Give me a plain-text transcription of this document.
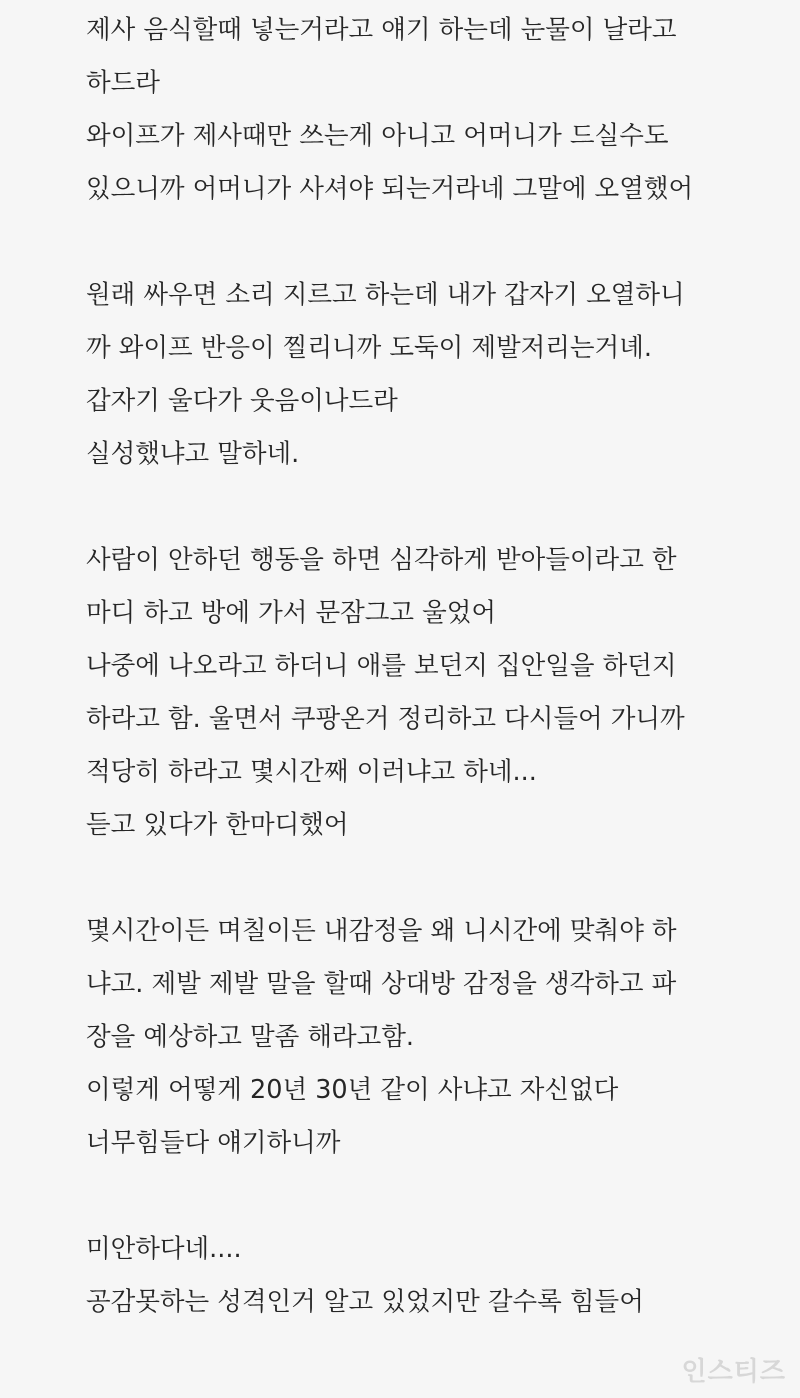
제사 음식할때 넣는거라고 얘기 하는데 눈물이 날라고
하드라
와이프가 제사때만 쓰는게 아니고 어머니가 드실수도
있으니까 어머니가 사셔야 되는거라네 그말에 오열했어
원래 싸우면 소리 지르고 하는데 내가 갑자기 오열하니
까 와이프 반응이 찔리니까 도둑이 제발저리는거녜.
갑자기 울다가 웃음이나드라
실성했냐고 말하네.
사람이 안하던 행동을 하면 심각하게 받아들이라고 한
마디 하고 방에 가서 문잠그고 울었어
나중에 나오라고 하더니 애를 보던지 집안일을 하던지
하라고 함. 울면서 쿠팡온거 정리하고 다시들어 가니까
적당히 하라고 몇시간째 이러냐고 하네...
듣고 있다가 한마디했어
몇시간이든 며칠이든 내감정을 왜 니시간에 맞춰야 하
냐고. 제발 제발 말을 할때 상대방 감정을 생각하고 파
장을 예상하고 말좀 해라고함.
이렇게 어떻게 20년 30년 같이 사냐고 자신없다
너무힘들다 얘기하니까
미안하다네....
공감못하는 성격인거 알고 있었지만 갈수록 힘들어
인스티즈
